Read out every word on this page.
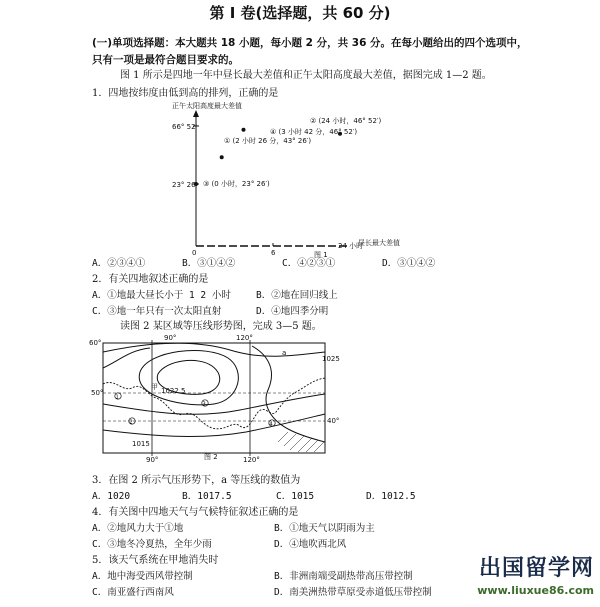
第 I 卷(选择题，共 60 分)
(一)单项选择题：本大题共 18 小题，每小题 2 分，共 36 分。在每小题给出的四个选项中，
只有一项是最符合题目要求的。
图 1 所示是四地一年中昼长最大差值和正午太阳高度最大差值，据图完成 1—2 题。
1．四地按纬度由低到高的排列，正确的是
正午太阳高度最大差值
66° 52′
23° 26′
0	6
24 小时
昼长最大差值
② (24 小时，46° 52′)
④ (3 小时 42 分，46° 52′)
① (2 小时 26 分，43° 26′)
③ (0 小时，23° 26′)
图 1
A．②③④①	B．③①④②	C．④②③①	D．③①④②
2．有关四地叙述正确的是
A．①地最大昼长小于 1 2 小时	B．②地在回归线上
C．③地一年只有一次太阳直射	D．④地四季分明
读图 2 某区域等压线形势图，完成 3—5 题。
1
2
3
4
60°
50°
40°
90°	120°
90°	120°
1022.5
1015
1025
甲
a
图 2
3．在图 2 所示气压形势下，a 等压线的数值为
A．1020	B．1017.5	C．1015	D．1012.5
4．有关图中四地天气与气候特征叙述正确的是
A．②地风力大于①地	B．①地天气以阴雨为主
C．③地冬冷夏热，全年少雨	D．④地吹西北风
5．该天气系统在甲地消失时
A．地中海受西风带控制	B．非洲南端受副热带高压带控制
C．南亚盛行西南风	D．南美洲热带草原受赤道低压带控制
出国留学网
www.liuxue86.com
